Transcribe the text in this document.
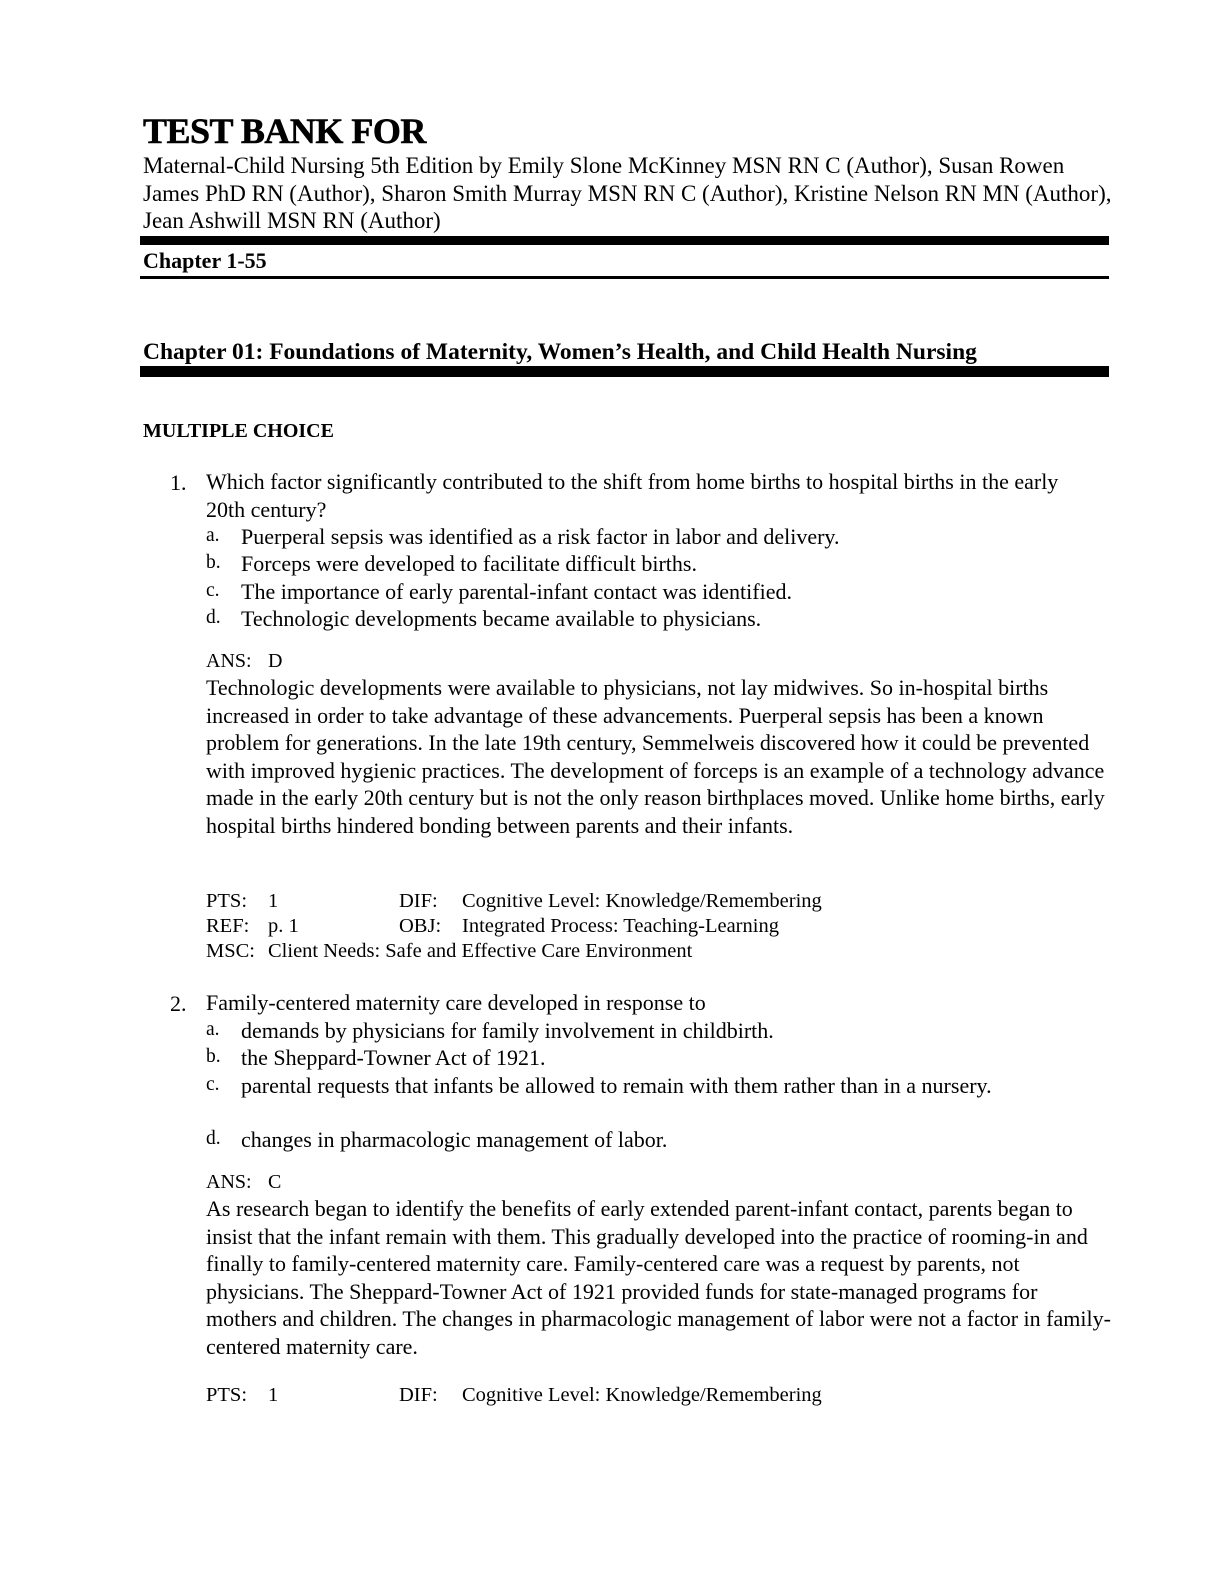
TEST BANK FOR
Maternal-Child Nursing 5th Edition by Emily Slone McKinney MSN RN C (Author), Susan Rowen James PhD RN (Author), Sharon Smith Murray MSN RN C (Author), Kristine Nelson RN MN (Author), Jean Ashwill MSN RN (Author)
Chapter 1-55
Chapter 01: Foundations of Maternity, Women’s Health, and Child Health Nursing
MULTIPLE CHOICE
1. Which factor significantly contributed to the shift from home births to hospital births in the early 20th century?
a. Puerperal sepsis was identified as a risk factor in labor and delivery.
b. Forceps were developed to facilitate difficult births.
c. The importance of early parental-infant contact was identified.
d. Technologic developments became available to physicians.
ANS: D
Technologic developments were available to physicians, not lay midwives. So in-hospital births increased in order to take advantage of these advancements. Puerperal sepsis has been a known problem for generations. In the late 19th century, Semmelweis discovered how it could be prevented with improved hygienic practices. The development of forceps is an example of a technology advance made in the early 20th century but is not the only reason birthplaces moved. Unlike home births, early hospital births hindered bonding between parents and their infants.
PTS: 1	DIF: Cognitive Level: Knowledge/Remembering
REF: p. 1	OBJ: Integrated Process: Teaching-Learning
MSC: Client Needs: Safe and Effective Care Environment
2. Family-centered maternity care developed in response to
a. demands by physicians for family involvement in childbirth.
b. the Sheppard-Towner Act of 1921.
c. parental requests that infants be allowed to remain with them rather than in a nursery.
d. changes in pharmacologic management of labor.
ANS: C
As research began to identify the benefits of early extended parent-infant contact, parents began to insist that the infant remain with them. This gradually developed into the practice of rooming-in and finally to family-centered maternity care. Family-centered care was a request by parents, not physicians. The Sheppard-Towner Act of 1921 provided funds for state-managed programs for mothers and children. The changes in pharmacologic management of labor were not a factor in family-centered maternity care.
PTS: 1	DIF: Cognitive Level: Knowledge/Remembering
